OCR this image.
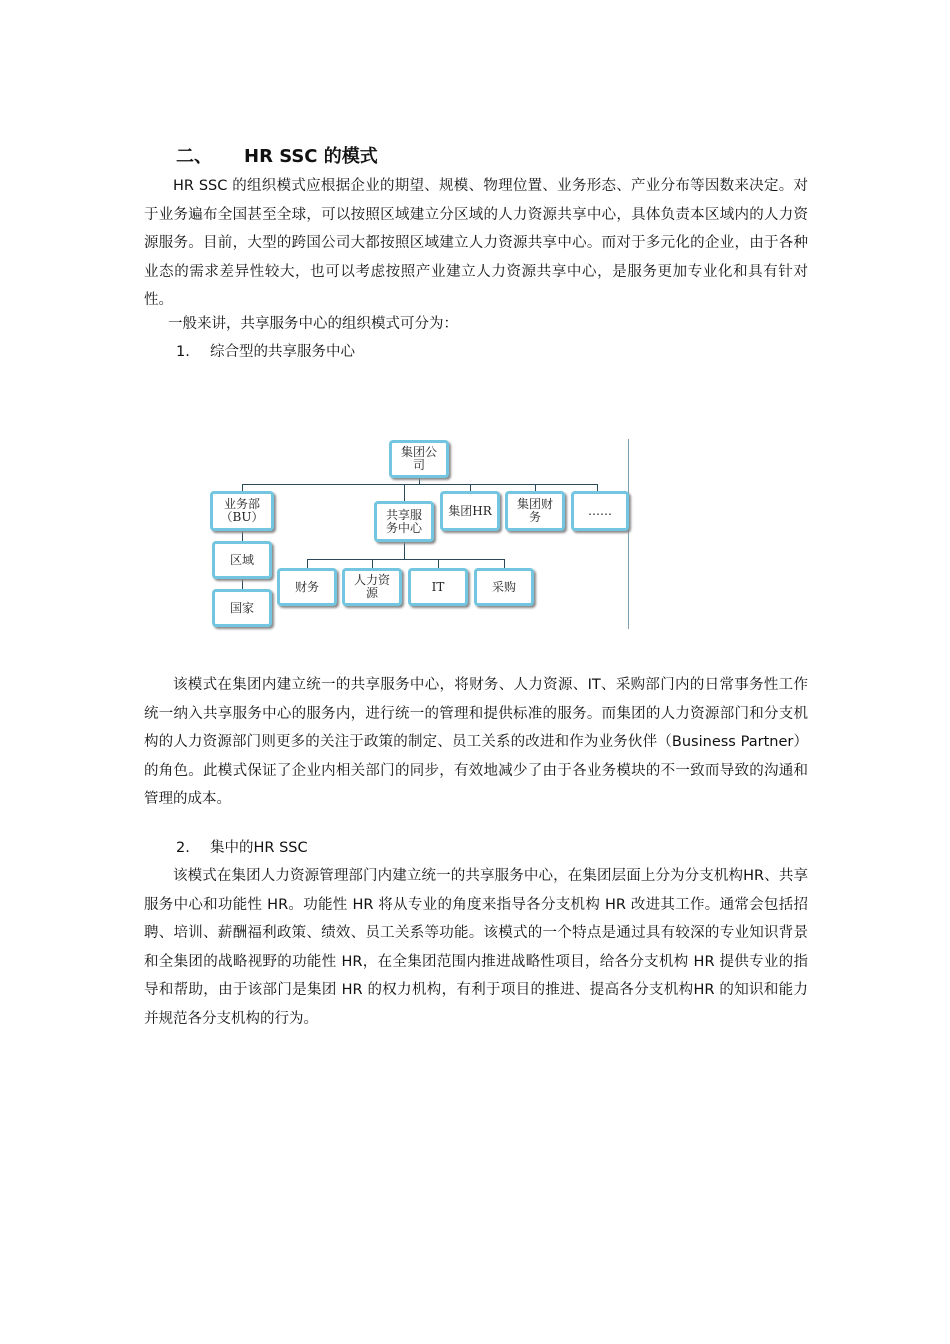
二、 HR SSC 的模式

HR SSC 的组织模式应根据企业的期望、规模、物理位置、业务形态、产业分布等因数来决定。对于业务遍布全国甚至全球，可以按照区域建立分区域的人力资源共享中心，具体负责本区域内的人力资源服务。目前，大型的跨国公司大都按照区域建立人力资源共享中心。而对于多元化的企业，由于各种业态的需求差异性较大，也可以考虑按照产业建立人力资源共享中心，是服务更加专业化和具有针对性。

一般来讲，共享服务中心的组织模式可分为：
1. 综合型的共享服务中心
集团公
司
业务部
（BU）	共享服
务中心
集团HR 集团财
务	……
区域
国家
财务	人力资
源	IT	采购

该模式在集团内建立统一的共享服务中心，将财务、人力资源、IT、采购部门内的日常事务性工作统一纳入共享服务中心的服务内，进行统一的管理和提供标准的服务。而集团的人力资源部门和分支机构的人力资源部门则更多的关注于政策的制定、员工关系的改进和作为业务伙伴（Business Partner）的角色。此模式保证了企业内相关部门的同步，有效地减少了由于各业务模块的不一致而导致的沟通和管理的成本。

2. 集中的HR SSC

该模式在集团人力资源管理部门内建立统一的共享服务中心，在集团层面上分为分支机构HR、共享服务中心和功能性 HR。功能性 HR 将从专业的角度来指导各分支机构 HR 改进其工作。通常会包括招聘、培训、薪酬福利政策、绩效、员工关系等功能。该模式的一个特点是通过具有较深的专业知识背景和全集团的战略视野的功能性 HR，在全集团范围内推进战略性项目，给各分支机构 HR 提供专业的指导和帮助，由于该部门是集团 HR 的权力机构，有利于项目的推进、提高各分支机构HR 的知识和能力并规范各分支机构的行为。
